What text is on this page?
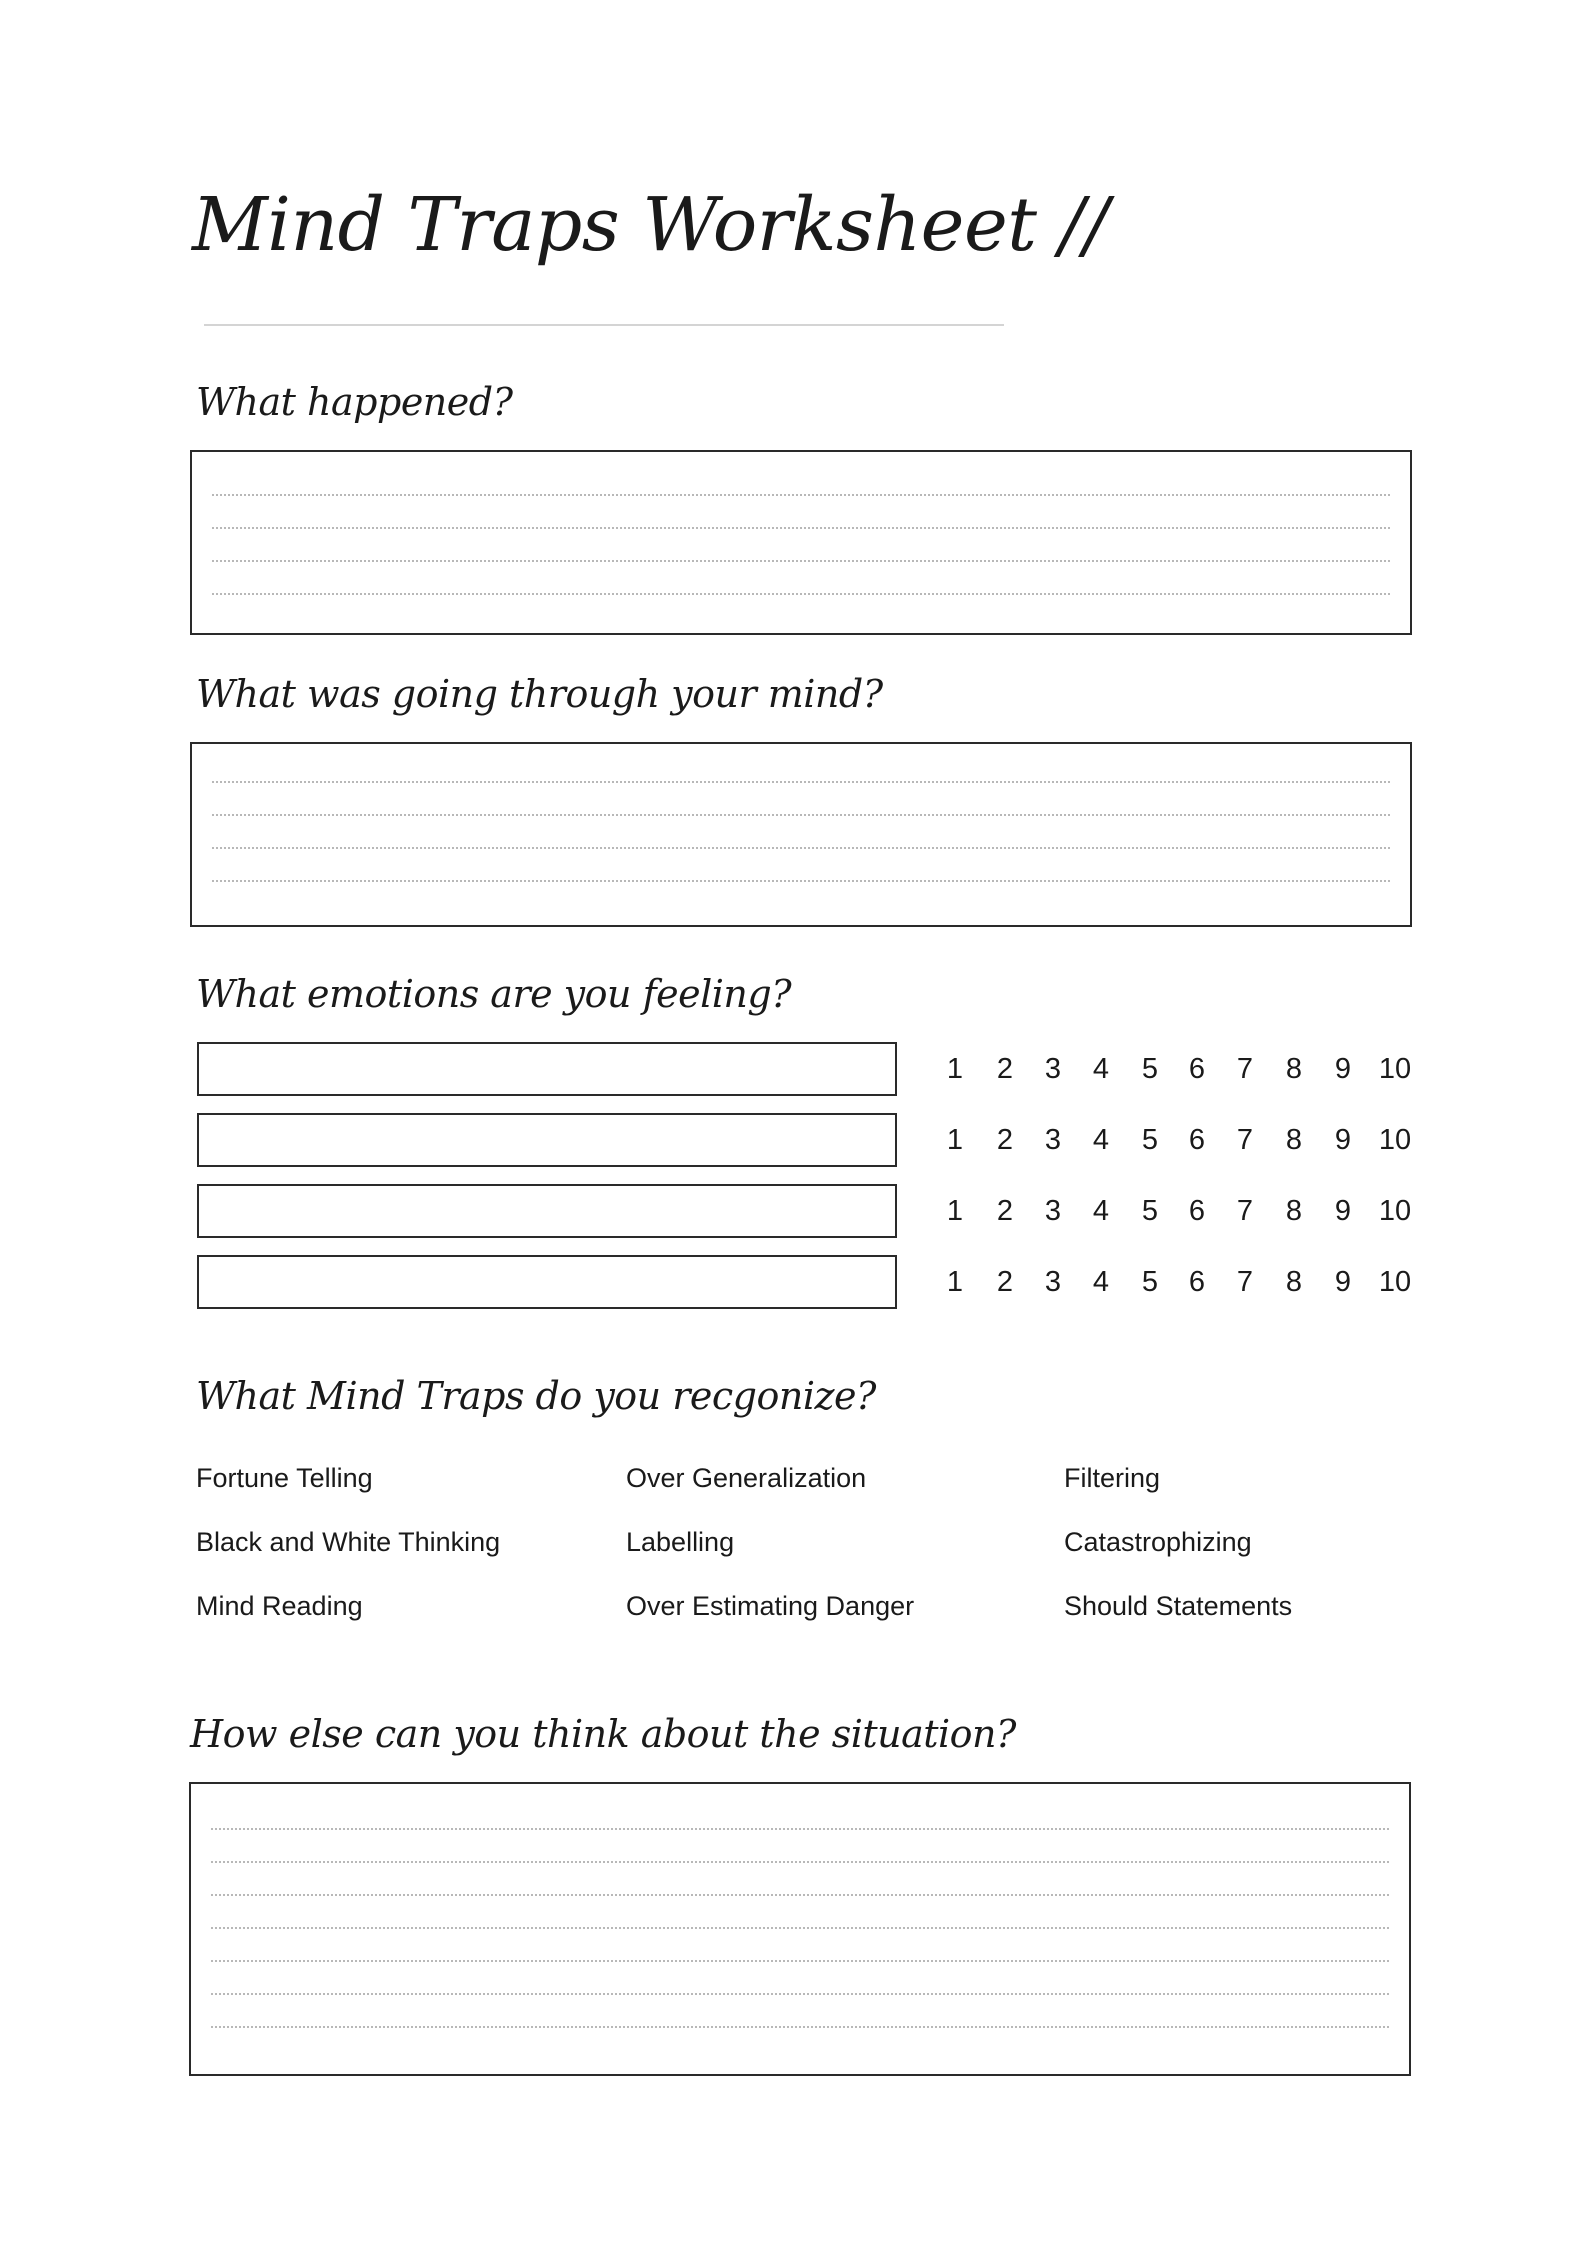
Mind Traps Worksheet //
What happened?
What was going through your mind?
What emotions are you feeling?
1	2	3	4	5	6	7	8	9 10
1	2	3	4	5	6	7	8	9 10
1	2	3	4	5	6	7	8	9 10
1	2	3	4	5	6	7	8	9 10
What Mind Traps do you recgonize?
Fortune Telling	Over Generalization	Filtering
Black and White Thinking	Labelling	Catastrophizing
Mind Reading	Over Estimating Danger	Should Statements
How else can you think about the situation?
